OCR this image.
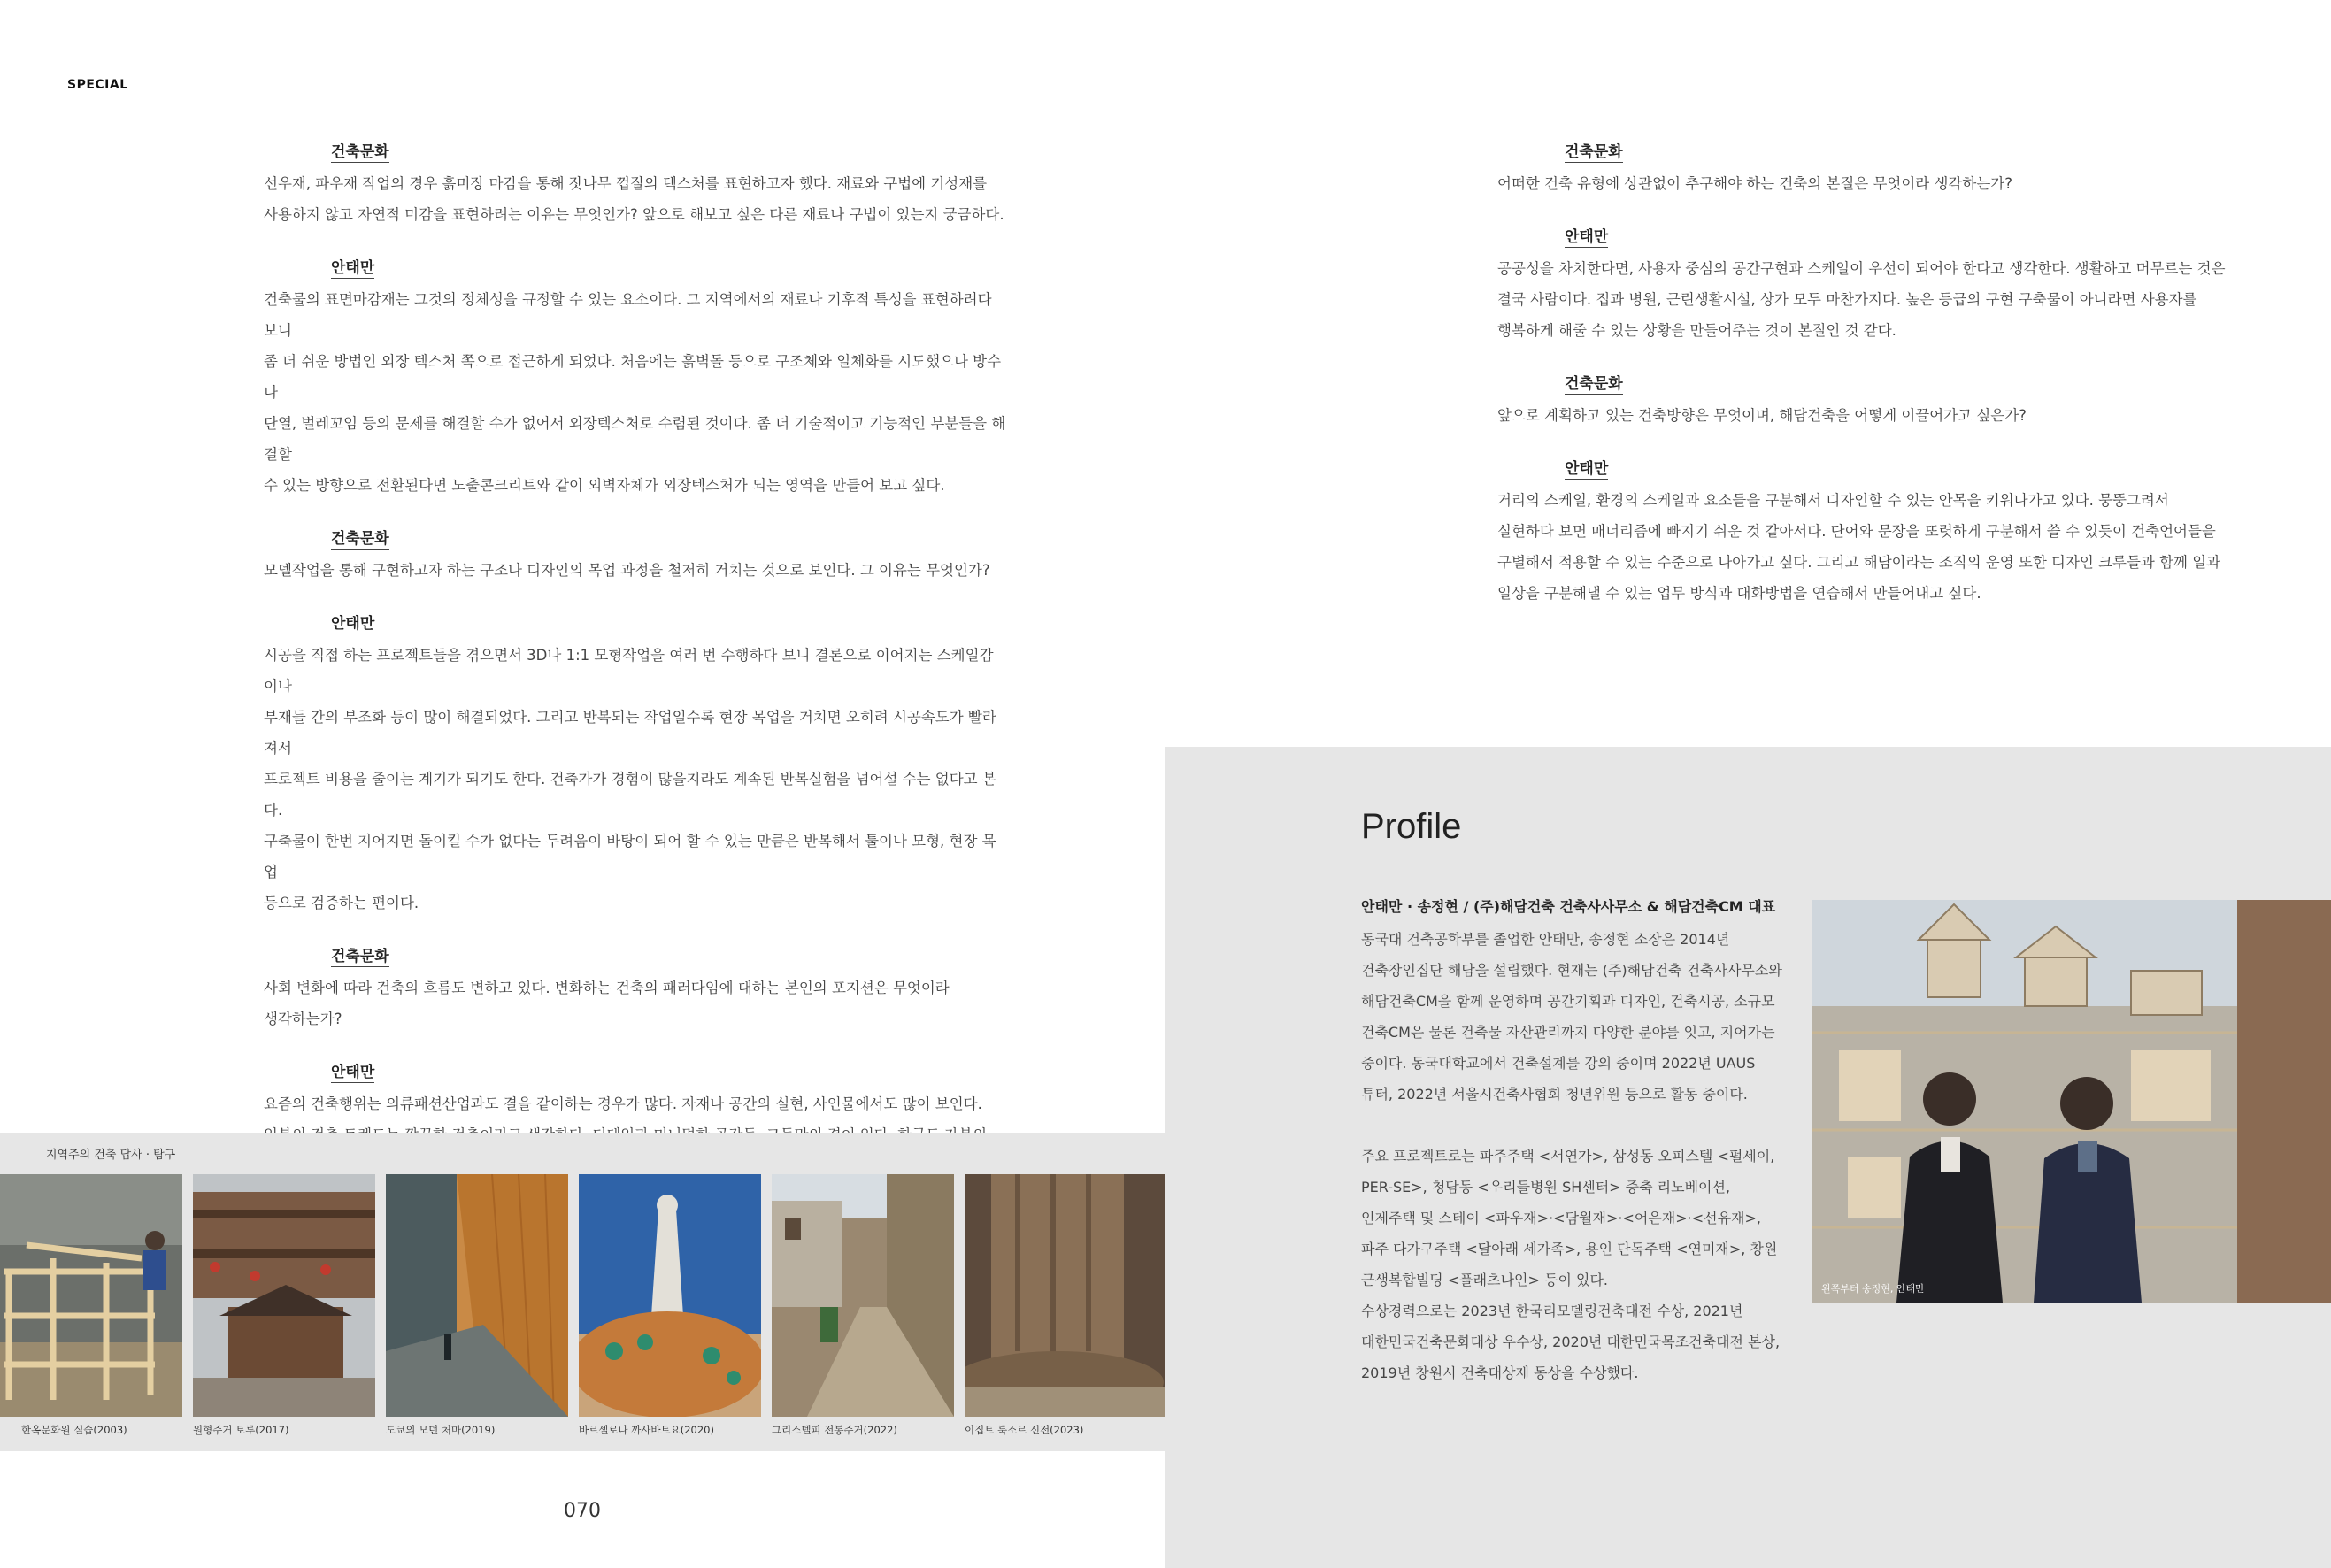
SPECIAL
건축문화
선우재, 파우재 작업의 경우 흙미장 마감을 통해 잣나무 껍질의 텍스처를 표현하고자 했다. 재료와 구법에 기성재를
사용하지 않고 자연적 미감을 표현하려는 이유는 무엇인가? 앞으로 해보고 싶은 다른 재료나 구법이 있는지 궁금하다.
안태만
건축물의 표면마감재는 그것의 정체성을 규정할 수 있는 요소이다. 그 지역에서의 재료나 기후적 특성을 표현하려다 보니
좀 더 쉬운 방법인 외장 텍스처 쪽으로 접근하게 되었다. 처음에는 흙벽돌 등으로 구조체와 일체화를 시도했으나 방수나
단열, 벌레꼬임 등의 문제를 해결할 수가 없어서 외장텍스처로 수렴된 것이다. 좀 더 기술적이고 기능적인 부분들을 해결할
수 있는 방향으로 전환된다면 노출콘크리트와 같이 외벽자체가 외장텍스처가 되는 영역을 만들어 보고 싶다.
건축문화
모델작업을 통해 구현하고자 하는 구조나 디자인의 목업 과정을 철저히 거치는 것으로 보인다. 그 이유는 무엇인가?
안태만
시공을 직접 하는 프로젝트들을 겪으면서 3D나 1:1 모형작업을 여러 번 수행하다 보니 결론으로 이어지는 스케일감이나
부재들 간의 부조화 등이 많이 해결되었다. 그리고 반복되는 작업일수록 현장 목업을 거치면 오히려 시공속도가 빨라져서
프로젝트 비용을 줄이는 계기가 되기도 한다. 건축가가 경험이 많을지라도 계속된 반복실험을 넘어설 수는 없다고 본다.
구축물이 한번 지어지면 돌이킬 수가 없다는 두려움이 바탕이 되어 할 수 있는 만큼은 반복해서 툴이나 모형, 현장 목업
등으로 검증하는 편이다.
건축문화
사회 변화에 따라 건축의 흐름도 변하고 있다. 변화하는 건축의 패러다임에 대하는 본인의 포지션은 무엇이라
생각하는가?
안태만
요즘의 건축행위는 의류패션산업과도 결을 같이하는 경우가 많다. 자재나 공간의 실현, 사인물에서도 많이 보인다.

건축문화
어떠한 건축 유형에 상관없이 추구해야 하는 건축의 본질은 무엇이라 생각하는가?
안태만
공공성을 차치한다면, 사용자 중심의 공간구현과 스케일이 우선이 되어야 한다고 생각한다. 생활하고 머무르는 것은
결국 사람이다. 집과 병원, 근린생활시설, 상가 모두 마찬가지다. 높은 등급의 구현 구축물이 아니라면 사용자를
행복하게 해줄 수 있는 상황을 만들어주는 것이 본질인 것 같다.
건축문화
앞으로 계획하고 있는 건축방향은 무엇이며, 해담건축을 어떻게 이끌어가고 싶은가?
안태만
거리의 스케일, 환경의 스케일과 요소들을 구분해서 디자인할 수 있는 안목을 키워나가고 있다. 뭉뚱그려서
실현하다 보면 매너리즘에 빠지기 쉬운 것 같아서다. 단어와 문장을 또렷하게 구분해서 쓸 수 있듯이 건축언어들을
구별해서 적용할 수 있는 수준으로 나아가고 싶다. 그리고 해담이라는 조직의 운영 또한 디자인 크루들과 함께 일과
일상을 구분해낼 수 있는 업무 방식과 대화방법을 연습해서 만들어내고 싶다.
지역주의 건축 답사 · 탐구
한옥문화원 실습(2003)	원형주거 토루(2017)	도쿄의 모던 처마(2019)	바르셀로나 까사바트요(2020)	그리스델피 전통주거(2022)	이집트 룩소르 신전(2023)
Profile
안태만 · 송정현 / (주)해담건축 건축사사무소 & 해담건축CM 대표
동국대 건축공학부를 졸업한 안태만, 송정현 소장은 2014년
건축장인집단 해담을 설립했다. 현재는 (주)해담건축 건축사사무소와
해담건축CM을 함께 운영하며 공간기획과 디자인, 건축시공, 소규모
건축CM은 물론 건축물 자산관리까지 다양한 분야를 잇고, 지어가는
중이다. 동국대학교에서 건축설계를 강의 중이며 2022년 UAUS
튜터, 2022년 서울시건축사협회 청년위원 등으로 활동 중이다.

주요 프로젝트로는 파주주택 <서연가>, 삼성동 오피스텔 <펄세이,
PER-SE>, 청담동 <우리들병원 SH센터> 증축 리노베이션,
인제주택 및 스테이 <파우재>·<담월재>·<어은재>·<선유재>,
파주 다가구주택 <달아래 세가족>, 용인 단독주택 <연미재>, 창원
근생복합빌딩 <플래츠나인> 등이 있다.
수상경력으로는 2023년 한국리모델링건축대전 수상, 2021년
대한민국건축문화대상 우수상, 2020년 대한민국목조건축대전 본상,
2019년 창원시 건축대상제 동상을 수상했다.
왼쪽부터 송정현, 안태만
070
